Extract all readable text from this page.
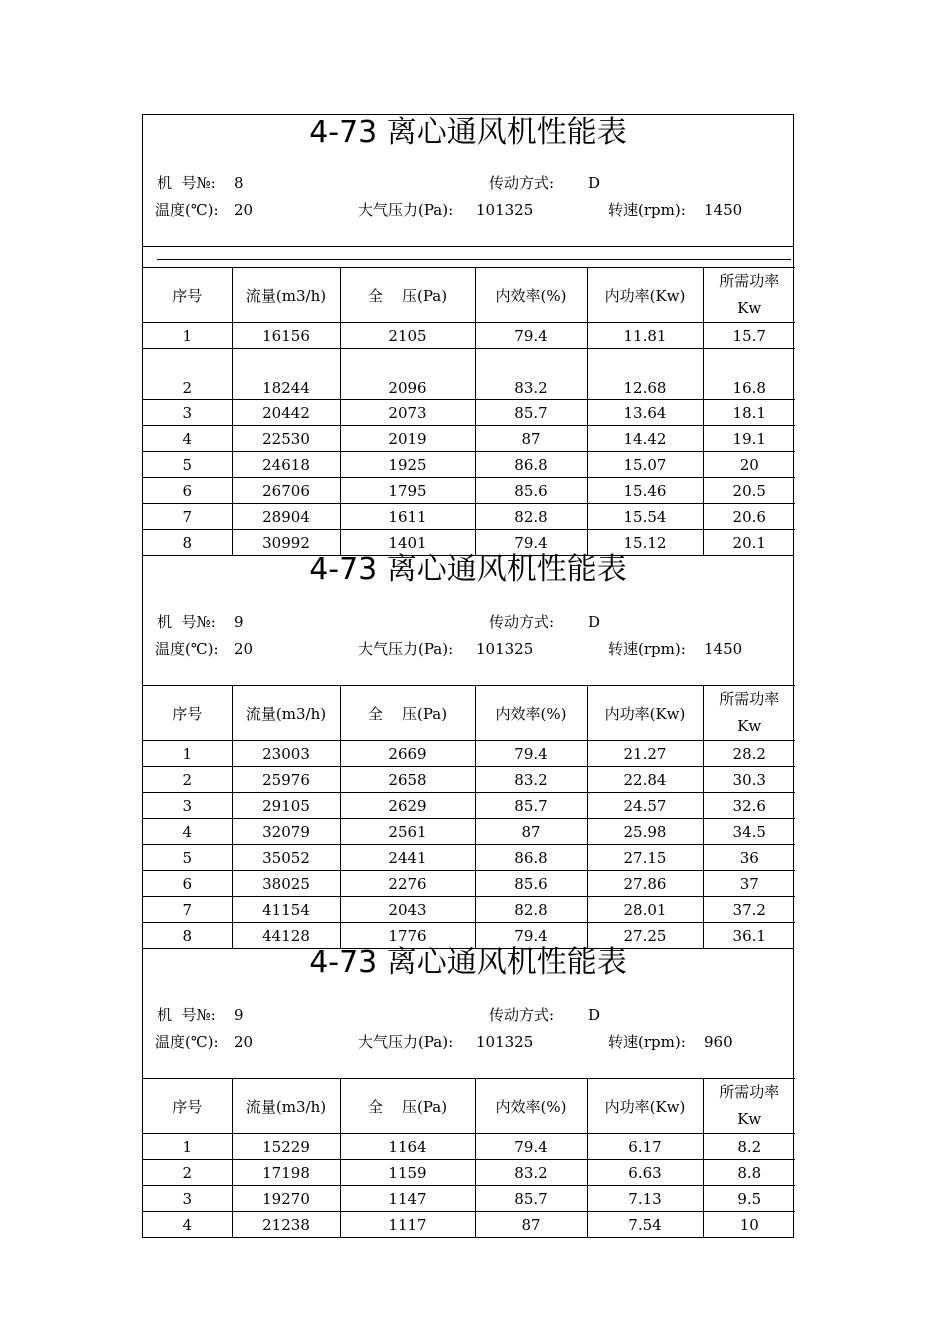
4-73 离心通风机性能表
机  号№: 8	传动方式: D
温度(℃): 20	大气压力(Pa): 101325	转速(rpm): 1450
序号	流量(m3/h)	全    压(Pa)	内效率(%)	内功率(Kw)	所需功率
Kw

1	16156	2105	79.4	11.81	15.7
2	18244	2096	83.2	12.68	16.8
3	20442	2073	85.7	13.64	18.1
4	22530	2019	87	14.42	19.1
5	24618	1925	86.8	15.07	20
6	26706	1795	85.6	15.46	20.5
7	28904	1611	82.8	15.54	20.6
8	30992	1401	79.4	15.12	20.1
4-73 离心通风机性能表
机  号№: 9	传动方式: D
温度(℃): 20	大气压力(Pa): 101325	转速(rpm): 1450
序号	流量(m3/h)	全    压(Pa)	内效率(%)	内功率(Kw)	所需功率
Kw

1	23003	2669	79.4	21.27	28.2
2	25976	2658	83.2	22.84	30.3
3	29105	2629	85.7	24.57	32.6
4	32079	2561	87	25.98	34.5
5	35052	2441	86.8	27.15	36
6	38025	2276	85.6	27.86	37
7	41154	2043	82.8	28.01	37.2
8	44128	1776	79.4	27.25	36.1
4-73 离心通风机性能表
机  号№: 9	传动方式: D
温度(℃): 20	大气压力(Pa): 101325	转速(rpm): 960
序号	流量(m3/h)	全    压(Pa)	内效率(%)	内功率(Kw)	所需功率
Kw

1	15229	1164	79.4	6.17	8.2
2	17198	1159	83.2	6.63	8.8
3	19270	1147	85.7	7.13	9.5
4	21238	1117	87	7.54	10
